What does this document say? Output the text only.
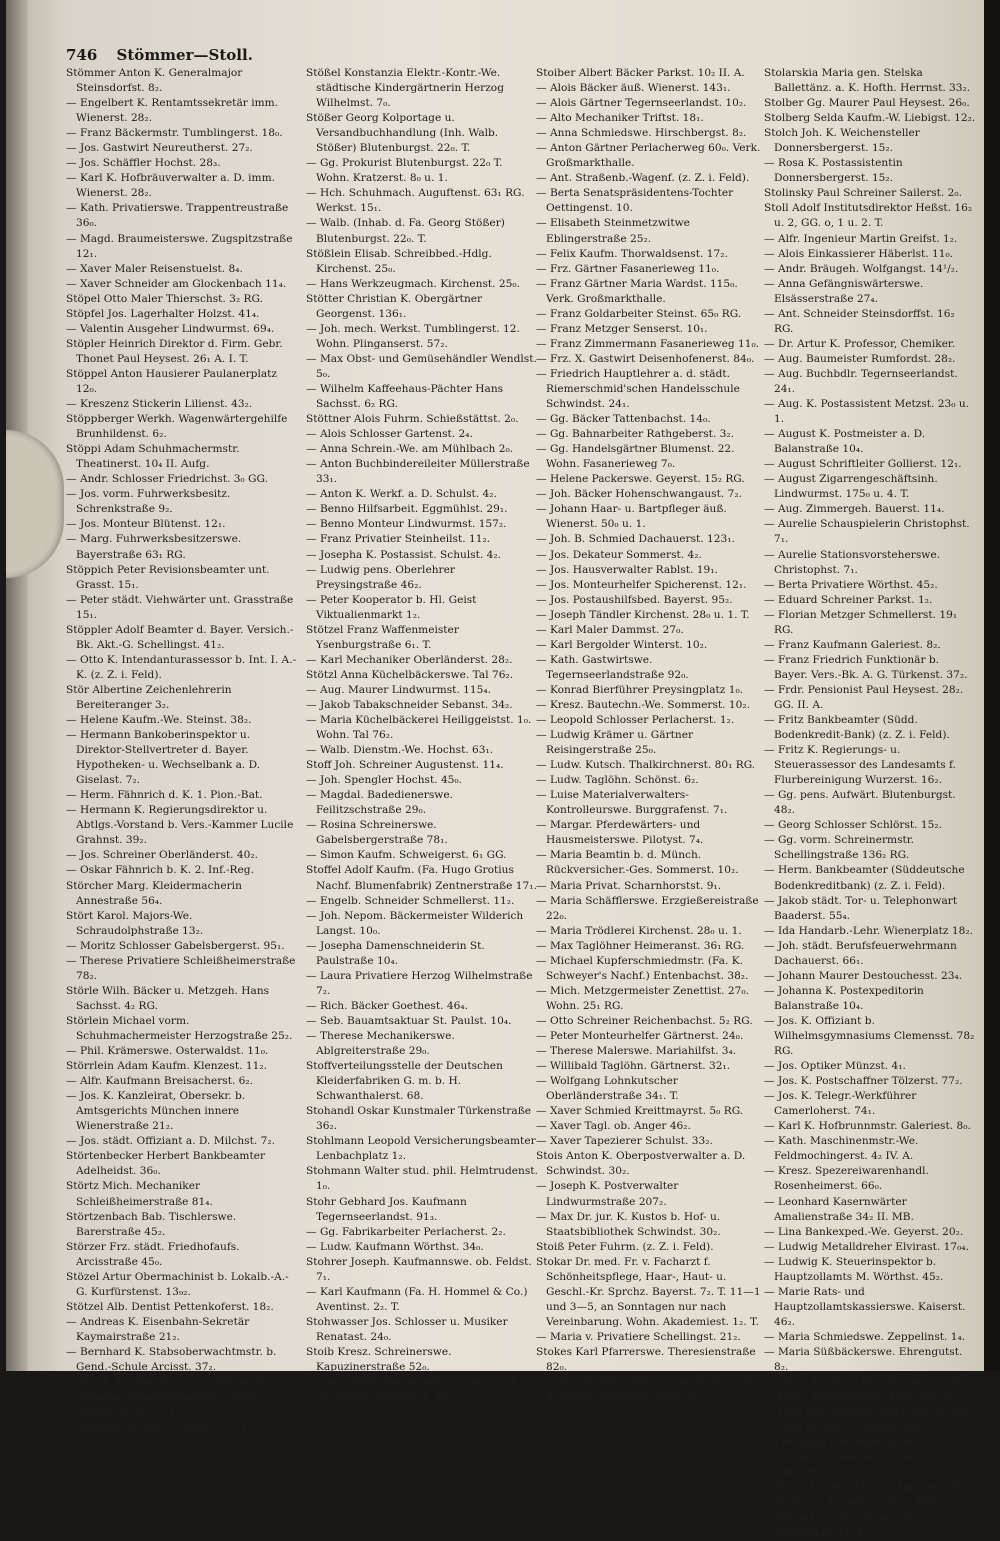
746 Stömmer—Stoll.

Stömmer Anton K. Generalmajor Steinsdorfst. 8₂.

— Engelbert K. Rentamtssekretär imm. Wienerst. 28₂.

— Franz Bäckermstr. Tumblingerst. 18₀.

— Jos. Gastwirt Neureutherst. 27₂.

— Jos. Schäffler Hochst. 28₃.

— Karl K. Hofbräuverwalter a. D. imm. Wienerst. 28₂.

— Kath. Privatierswe. Trappentreustraße 36₀.

— Magd. Braumeisterswe. Zugspitzstraße 12₁.

— Xaver Maler Reisenstuelst. 8₄.

— Xaver Schneider am Glockenbach 11₄.

Stöpel Otto Maler Thierschst. 3₂ RG.

Stöpfel Jos. Lagerhalter Holzst. 41₄.

— Valentin Ausgeher Lindwurmst. 69₄.

Stöpler Heinrich Direktor d. Firm. Gebr. Thonet Paul Heysest. 26₁ A. I. T.

Stöppel Anton Hausierer Paulanerplatz 12₀.

— Kreszenz Stickerin Lilienst. 43₂.

Stöppberger Werkh. Wagenwärtergehilfe Brunhildenst. 6₂.

Stöppi Adam Schuhmachermstr. Theatinerst. 10₄ II. Aufg.

— Andr. Schlosser Friedrichst. 3₀ GG.

— Jos. vorm. Fuhrwerksbesitz. Schrenkstraße 9₂.

— Jos. Monteur Blütenst. 12₁.

— Marg. Fuhrwerksbesitzerswe. Bayerstraße 63₁ RG.

Stöppich Peter Revisionsbeamter unt. Grasst. 15₁.

— Peter städt. Viehwärter unt. Grasstraße 15₁.

Stöppler Adolf Beamter d. Bayer. Versich.-Bk. Akt.-G. Schellingst. 41₂.

— Otto K. Intendanturassessor b. Int. I. A.-K. (z. Z. i. Feld).

Stör Albertine Zeichenlehrerin Bereiteranger 3₂.

— Helene Kaufm.-We. Steinst. 38₂.

— Hermann Bankoberinspektor u. Direktor-Stellvertreter d. Bayer. Hypotheken- u. Wechselbank a. D. Giselast. 7₂.

— Herm. Fähnrich d. K. 1. Pion.-Bat.

— Hermann K. Regierungsdirektor u. Abtlgs.-Vorstand b. Vers.-Kammer Lucile Grahnst. 39₂.

— Jos. Schreiner Oberländerst. 40₂.

— Oskar Fähnrich b. K. 2. Inf.-Reg.

Störcher Marg. Kleidermacherin Annestraße 56₄.

Stört Karol. Majors-We. Schraudolphstraße 13₂.

— Moritz Schlosser Gabelsbergerst. 95₁.

— Therese Privatiere Schleißheimerstraße 78₂.

Störle Wilh. Bäcker u. Metzgeh. Hans Sachsst. 4₂ RG.

Störlein Michael vorm. Schuhmachermeister Herzogstraße 25₂.

— Phil. Krämerswe. Osterwaldst. 11₀.

Störrlein Adam Kaufm. Klenzest. 11₂.

— Alfr. Kaufmann Breisacherst. 6₂.

— Jos. K. Kanzleirat, Obersekr. b. Amtsgerichts München innere Wienerstraße 21₂.

— Jos. städt. Offiziant a. D. Milchst. 7₂.

Störtenbecker Herbert Bankbeamter Adelheidst. 36₀.

Störtz Mich. Mechaniker Schleißheimerstraße 81₄.

Störtzenbach Bab. Tischlerswe. Barerstraße 45₂.

Störzer Frz. städt. Friedhofaufs. Arcisstraße 45₀.

Stözel Artur Obermachinist b. Lokalb.-A.-G. Kurfürstenst. 13₉₂.

Stötzel Alb. Dentist Pettenkoferst. 18₂.

— Andreas K. Eisenbahn-Sekretär Kaymairstraße 21₂.

— Bernhard K. Stabsoberwachtmstr. b. Gend.-Schule Arcisst. 37₂.

— Gg. K. Postpacktmeister Orleansst. 39₁.

— Johanna Branntweingesch.-Inhab. Orleansst. 39₀ u. 1.

— Johanna Privat. Liebigst. 23₂. T.

Stößel Konstanzia Elektr.-Kontr.-We. städtische Kindergärtnerin Herzog Wilhelmst. 7₀.

Stößer Georg Kolportage u. Versandbuchhandlung (Inh. Walb. Stößer) Blutenburgst. 22₀. T.

— Gg. Prokurist Blutenburgst. 22₀ T. Wohn. Kratzerst. 8₀ u. 1.

— Hch. Schuhmach. Auguftenst. 63₁ RG. Werkst. 15₁.

— Walb. (Inhab. d. Fa. Georg Stößer) Blutenburgst. 22₀. T.

Stößlein Elisab. Schreibbed.-Hdlg. Kirchenst. 25₀.

— Hans Werkzeugmach. Kirchenst. 25₀.

Stötter Christian K. Obergärtner Georgenst. 136₁.

— Joh. mech. Werkst. Tumblingerst. 12. Wohn. Plinganserst. 57₂.

— Max Obst- und Gemüsehändler Wendlst. 5₀.

— Wilhelm Kaffeehaus-Pächter Hans Sachsst. 6₂ RG.

Stöttner Alois Fuhrm. Schießstättst. 2₀.

— Alois Schlosser Gartenst. 2₄.

— Anna Schrein.-We. am Mühlbach 2₀.

— Anton Buchbindereileiter Müllerstraße 33₁.

— Anton K. Werkf. a. D. Schulst. 4₂.

— Benno Hilfsarbeit. Eggmühlst. 29₁.

— Benno Monteur Lindwurmst. 157₂.

— Franz Privatier Steinheilst. 11₂.

— Josepha K. Postassist. Schulst. 4₂.

— Ludwig pens. Oberlehrer Preysingstraße 46₂.

— Peter Kooperator b. Hl. Geist Viktualienmarkt 1₂.

Stötzel Franz Waffenmeister Ysenburgstraße 6₁. T.

— Karl Mechaniker Oberländerst. 28₂.

Stötzl Anna Küchelbäckerswe. Tal 76₂.

— Aug. Maurer Lindwurmst. 115₄.

— Jakob Tabakschneider Sebanst. 34₂.

— Maria Küchelbäckerei Heiliggeistst. 1₀. Wohn. Tal 76₂.

— Walb. Dienstm.-We. Hochst. 63₁.

Stoff Joh. Schreiner Augustenst. 11₄.

— Joh. Spengler Hochst. 45₀.

— Magdal. Badedienerswe. Feilitzschstraße 29₀.

— Rosina Schreinerswe. Gabelsbergerstraße 78₁.

— Simon Kaufm. Schweigerst. 6₁ GG.

Stoffel Adolf Kaufm. (Fa. Hugo Grotius Nachf. Blumenfabrik) Zentnerstraße 17₁.

— Engelb. Schneider Schmellerst. 11₂.

— Joh. Nepom. Bäckermeister Wilderich Langst. 10₀.

— Josepha Damenschneiderin St. Paulstraße 10₄.

— Laura Privatiere Herzog Wilhelmstraße 7₂.

— Rich. Bäcker Goethest. 46₄.

— Seb. Bauamtsaktuar St. Paulst. 10₄.

— Therese Mechanikerswe. Ablgreiterstraße 29₀.

Stoffverteilungsstelle der Deutschen Kleiderfabriken G. m. b. H. Schwanthalerst. 68.

Stohandl Oskar Kunstmaler Türkenstraße 36₂.

Stohlmann Leopold Versicherungsbeamter Lenbachplatz 1₂.

Stohmann Walter stud. phil. Helmtrudenst. 1₀.

Stohr Gebhard Jos. Kaufmann Tegernseerlandst. 91₃.

— Gg. Fabrikarbeiter Perlacherst. 2₂.

— Ludw. Kaufmann Wörthst. 34₀.

Stohrer Joseph. Kaufmannswe. ob. Feldst. 7₁.

— Karl Kaufmann (Fa. H. Hommel & Co.) Aventinst. 2₂. T.

Stohwasser Jos. Schlosser u. Musiker Renatast. 24₀.

Stoib Kresz. Schreinerswe. Kapuzinerstraße 52₀.

Stoiber Adolf Bauspenglerei Sommerst. 50. Wohn. Sommerst. 10₂.

Stoiber Albert Bäcker Parkst. 10₂ II. A.

— Alois Bäcker äuß. Wienerst. 143₁.

— Alois Gärtner Tegernseerlandst. 10₂.

— Alto Mechaniker Triftst. 18₁.

— Anna Schmiedswe. Hirschbergst. 8₂.

— Anton Gärtner Perlacherweg 60₀. Verk. Großmarkthalle.

— Ant. Straßenb.-Wagenf. (z. Z. i. Feld).

— Berta Senatspräsidentens-Tochter Oettingenst. 10.

— Elisabeth Steinmetzwitwe Eblingerstraße 25₂.

— Felix Kaufm. Thorwaldsenst. 17₂.

— Frz. Gärtner Fasanerieweg 11₀.

— Franz Gärtner Maria Wardst. 115₀. Verk. Großmarkthalle.

— Franz Goldarbeiter Steinst. 65₀ RG.

— Franz Metzger Senserst. 10₁.

— Franz Zimmermann Fasanerieweg 11₀.

— Frz. X. Gastwirt Deisenhofenerst. 84₀.

— Friedrich Hauptlehrer a. d. städt. Riemerschmid'schen Handelsschule Schwindst. 24₁.

— Gg. Bäcker Tattenbachst. 14₀.

— Gg. Bahnarbeiter Rathgeberst. 3₂.

— Gg. Handelsgärtner Blumenst. 22. Wohn. Fasanerieweg 7₀.

— Helene Packerswe. Geyerst. 15₂ RG.

— Joh. Bäcker Hohenschwangaust. 7₂.

— Johann Haar- u. Bartpfleger äuß. Wienerst. 50₀ u. 1.

— Joh. B. Schmied Dachauerst. 123₁.

— Jos. Dekateur Sommerst. 4₂.

— Jos. Hausverwalter Rablst. 19₁.

— Jos. Monteurhelfer Spicherenst. 12₁.

— Jos. Postaushilfsbed. Bayerst. 95₂.

— Joseph Tändler Kirchenst. 28₀ u. 1. T.

— Karl Maler Dammst. 27₀.

— Karl Bergolder Winterst. 10₂.

— Kath. Gastwirtswe. Tegernseerlandstraße 92₀.

— Konrad Bierführer Preysingplatz 1₀.

— Kresz. Bautechn.-We. Sommerst. 10₂.

— Leopold Schlosser Perlacherst. 1₂.

— Ludwig Krämer u. Gärtner Reisingerstraße 25₀.

— Ludw. Kutsch. Thalkirchnerst. 80₁ RG.

— Ludw. Taglöhn. Schönst. 6₂.

— Luise Materialverwalters-Kontrolleurswe. Burggrafenst. 7₁.

— Margar. Pferdewärters- und Hausmeisterswe. Pilotyst. 7₄.

— Maria Beamtin b. d. Münch. Rückversicher.-Ges. Sommerst. 10₂.

— Maria Privat. Scharnhorstst. 9₁.

— Maria Schäfflerswe. Erzgießereistraße 22₀.

— Maria Trödlerei Kirchenst. 28₀ u. 1.

— Max Taglöhner Heimeranst. 36₁ RG.

— Michael Kupferschmiedmstr. (Fa. K. Schweyer's Nachf.) Entenbachst. 38₂.

— Mich. Metzgermeister Zenettist. 27₀. Wohn. 25₁ RG.

— Otto Schreiner Reichenbachst. 5₂ RG.

— Peter Monteurhelfer Gärtnerst. 24₀.

— Therese Malerswe. Mariahilfst. 3₄.

— Willibald Taglöhn. Gärtnerst. 32₁.

— Wolfgang Lohnkutscher Oberländerstraße 34₁. T.

— Xaver Schmied Kreittmayrst. 5₀ RG.

— Xaver Tagl. ob. Anger 46₂.

— Xaver Tapezierer Schulst. 33₂.

Stois Anton K. Oberpostverwalter a. D. Schwindst. 30₂.

— Joseph K. Postverwalter Lindwurmstraße 207₂.

— Max Dr. jur. K. Kustos b. Hof- u. Staatsbibliothek Schwindst. 30₂.

Stoiß Peter Fuhrm. (z. Z. i. Feld).

Stokar Dr. med. Fr. v. Facharzt f. Schönheitspflege, Haar-, Haut- u. Geschl.-Kr. Sprchz. Bayerst. 7₂. T. 11—1 und 3—5, an Sonntagen nur nach Vereinbarung. Wohn. Akademiest. 1₂. T.

— Maria v. Privatiere Schellingst. 21₂.

Stokes Karl Pfarrerswe. Theresienstraße 82₀.

Stockinger Fritz städt. Gewerbegerichts-Assessor Gabelsbergerst. 22₂.

Stolarskia Maria gen. Stelska Ballettänz. a. K. Hofth. Herrnst. 33₂.

Stolber Gg. Maurer Paul Heysest. 26₀.

Stolberg Selda Kaufm.-W. Liebigst. 12₂.

Stolch Joh. K. Weichensteller Donnersbergerst. 15₂.

— Rosa K. Postassistentin Donnersbergerst. 15₂.

Stolinsky Paul Schreiner Sailerst. 2₀.

Stoll Adolf Institutsdirektor Heßst. 16₂ u. 2, GG. o, 1 u. 2. T.

— Alfr. Ingenieur Martin Greifst. 1₂.

— Alois Einkassierer Häberlst. 11₀.

— Andr. Bräugeh. Wolfgangst. 14¹/₂.

— Anna Gefängniswärterswe. Elsässerstraße 27₄.

— Ant. Schneider Steinsdorffst. 16₂ RG.

— Dr. Artur K. Professor, Chemiker.

— Aug. Baumeister Rumfordst. 28₂.

— Aug. Buchbdlr. Tegernseerlandst. 24₁.

— Aug. K. Postassistent Metzst. 23₀ u. 1.

— August K. Postmeister a. D. Balanstraße 10₄.

— August Schriftleiter Gollierst. 12₁.

— August Zigarrengeschäftsinh. Lindwurmst. 175₀ u. 4. T.

— Aug. Zimmergeh. Bauerst. 11₄.

— Aurelie Schauspielerin Christophst. 7₁.

— Aurelie Stationsvorsteherswe. Christophst. 7₁.

— Berta Privatiere Wörthst. 45₂.

— Eduard Schreiner Parkst. 1₂.

— Florian Metzger Schmellerst. 19₁ RG.

— Franz Kaufmann Galeriest. 8₂.

— Franz Friedrich Funktionär b. Bayer. Vers.-Bk. A. G. Türkenst. 37₂.

— Frdr. Pensionist Paul Heysest. 28₂. GG. II. A.

— Fritz Bankbeamter (Südd. Bodenkredit-Bank) (z. Z. i. Feld).

— Fritz K. Regierungs- u. Steuerassessor des Landesamts f. Flurbereinigung Wurzerst. 16₂.

— Gg. pens. Aufwärt. Blutenburgst. 48₂.

— Georg Schlosser Schlörst. 15₂.

— Gg. vorm. Schreinermstr. Schellingstraße 136₂ RG.

— Herm. Bankbeamter (Süddeutsche Bodenkreditbank) (z. Z. i. Feld).

— Jakob städt. Tor- u. Telephonwart Baaderst. 55₄.

— Ida Handarb.-Lehr. Wienerplatz 18₂.

— Joh. städt. Berufsfeuerwehrmann Dachauerst. 66₁.

— Johann Maurer Destouchesst. 23₄.

— Johanna K. Postexpeditorin Balanstraße 10₄.

— Jos. K. Offiziant b. Wilhelmsgymnasiums Clemensst. 78₂ RG.

— Jos. Optiker Münzst. 4₁.

— Jos. K. Postschaffner Tölzerst. 77₂.

— Jos. K. Telegr.-Werkführer Camerloherst. 74₁.

— Karl K. Hofbrunnmstr. Galeriest. 8₀.

— Kath. Maschinenmstr.-We. Feldmochingerst. 4₂ IV. A.

— Kresz. Spezereiwarenhandl. Rosenheimerst. 66₀.

— Leonhard Kasernwärter Amalienstraße 34₂ II. MB.

— Lina Bankexped.-We. Geyerst. 20₂.

— Ludwig Metalldreher Elvirast. 17₀₄.

— Ludwig K. Steuerinspektor b. Hauptzollamts M. Wörthst. 45₂.

— Marie Rats- und Hauptzollamtskassierswe. Kaiserst. 46₂.

— Maria Schmiedswe. Zeppelinst. 1₄.

— Maria Süßbäckerswe. Ehrengutst. 8₂.

— Mich. Taglöhn. Rosenheimerst. 66₀.

— Mich. Tapeziermstr. Türkenst. 37₂.

— Otto Schauspieler Baaderst. 55₀ RG.

— Otto Dr. phil. Schriftsteller Freimann Föhringer Allee 16.

— Richard K. Sekretär u. Assessor Ungererst. 80₂.

— Rich. K. Sekretär des Amtsgerichts München Rosenheimerst. 108₄.

— Rupert Zahntechniker Max Weberplatz 1₁. T.
